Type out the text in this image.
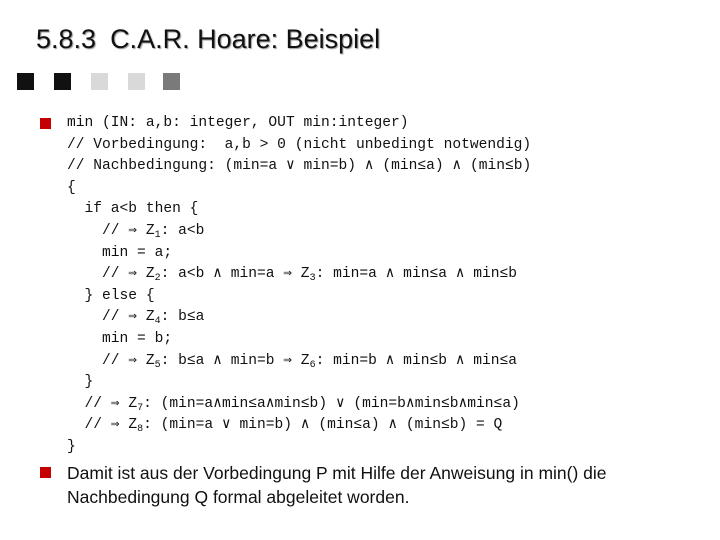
5.8.3 C.A.R. Hoare: Beispiel
min (IN: a,b: integer, OUT min:integer)
// Vorbedingung:  a,b > 0 (nicht unbedingt notwendig)
// Nachbedingung: (min=a ∨ min=b) ∧ (min≤a) ∧ (min≤b)
{
if a<b then {
// ⇒ $Z_1$: a<b
min = a;
// ⇒ $Z_2$: a<b ∧ min=a ⇒ $Z_3$: min=a ∧ min≤a ∧ min≤b
} else {
// ⇒ $Z_4$: b≤a
min = b;
// ⇒ $Z_5$: b≤a ∧ min=b ⇒ $Z_6$: min=b ∧ min≤b ∧ min≤a
}
// ⇒ $Z_7$: (min=a∧min≤a∧min≤b) ∨ (min=b∧min≤b∧min≤a)
// ⇒ $Z_8$: (min=a ∨ min=b) ∧ (min≤a) ∧ (min≤b) = Q
}
Damit ist aus der Vorbedingung P mit Hilfe der Anweisung in min() die Nachbedingung Q formal abgeleitet worden.
